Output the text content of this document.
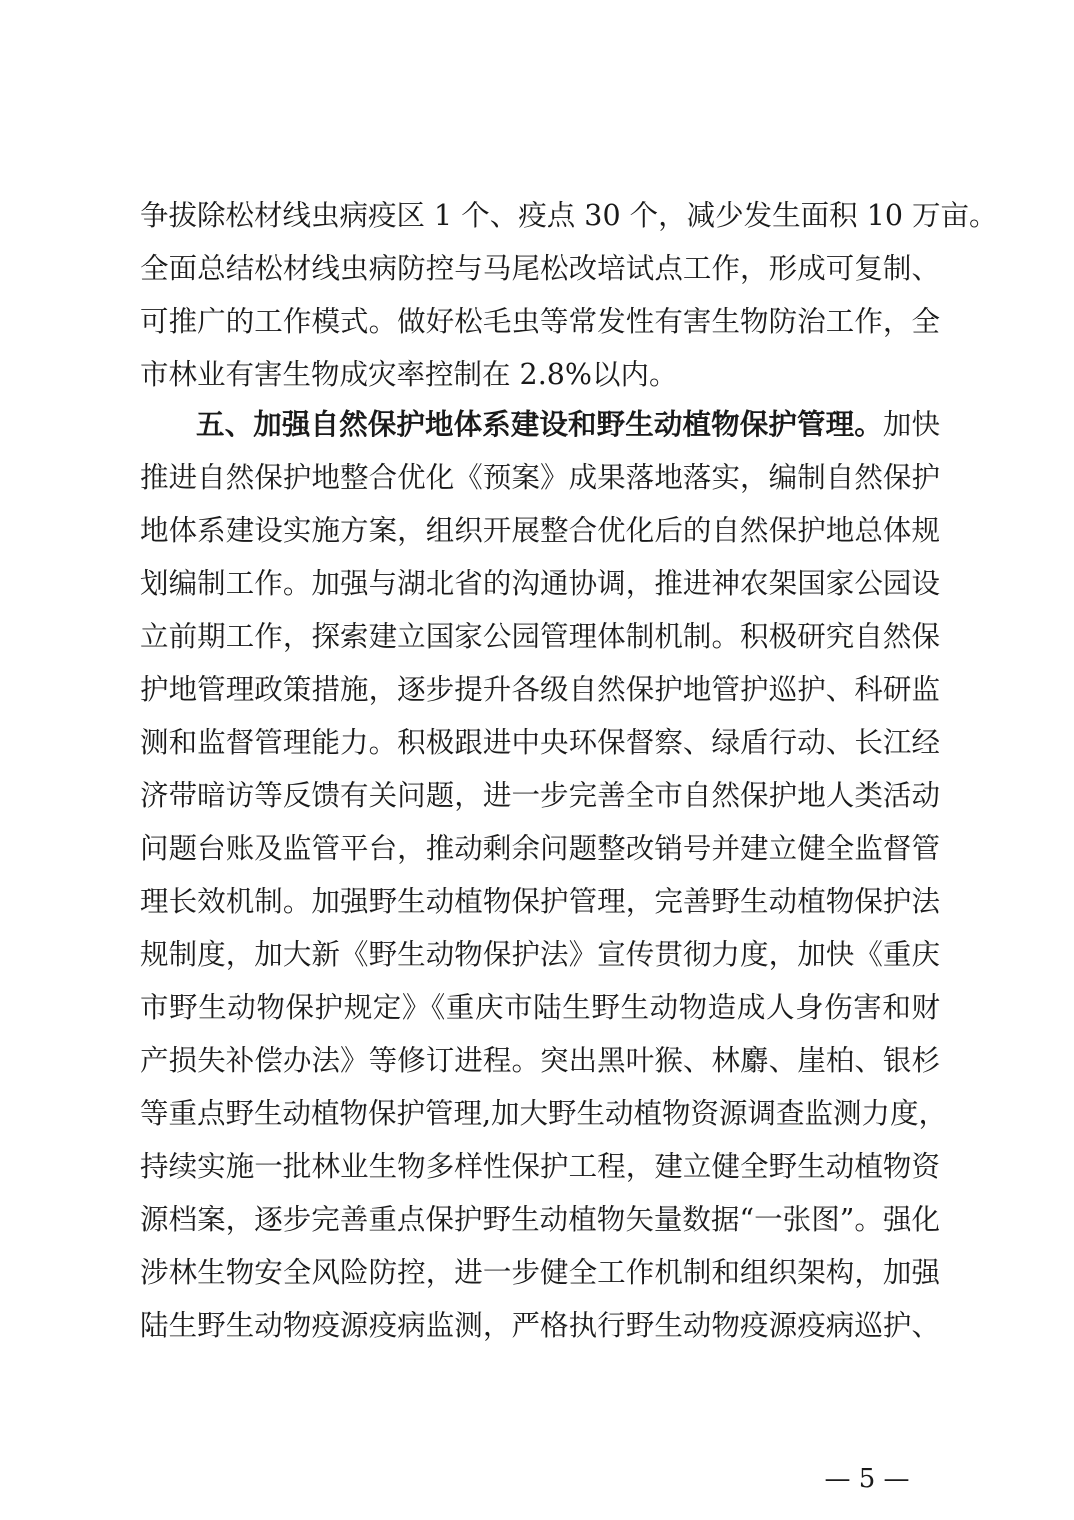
争拔除松材线虫病疫区 1 个、疫点 30 个，减少发生面积 10 万亩。
全面总结松材线虫病防控与马尾松改培试点工作，形成可复制、
可推广的工作模式。做好松毛虫等常发性有害生物防治工作，全
市林业有害生物成灾率控制在 2.8%以内。
五、加强自然保护地体系建设和野生动植物保护管理。加快
推进自然保护地整合优化《预案》成果落地落实，编制自然保护
地体系建设实施方案，组织开展整合优化后的自然保护地总体规
划编制工作。加强与湖北省的沟通协调，推进神农架国家公园设
立前期工作，探索建立国家公园管理体制机制。积极研究自然保
护地管理政策措施，逐步提升各级自然保护地管护巡护、科研监
测和监督管理能力。积极跟进中央环保督察、绿盾行动、长江经
济带暗访等反馈有关问题，进一步完善全市自然保护地人类活动
问题台账及监管平台，推动剩余问题整改销号并建立健全监督管
理长效机制。加强野生动植物保护管理，完善野生动植物保护法
规制度，加大新《野生动物保护法》宣传贯彻力度，加快《重庆
市野生动物保护规定》《重庆市陆生野生动物造成人身伤害和财
产损失补偿办法》等修订进程。突出黑叶猴、林麝、崖柏、银杉
等重点野生动植物保护管理,加大野生动植物资源调查监测力度，
持续实施一批林业生物多样性保护工程，建立健全野生动植物资
源档案，逐步完善重点保护野生动植物矢量数据“一张图”。强化
涉林生物安全风险防控，进一步健全工作机制和组织架构，加强
陆生野生动物疫源疫病监测，严格执行野生动物疫源疫病巡护、
— 5 —
